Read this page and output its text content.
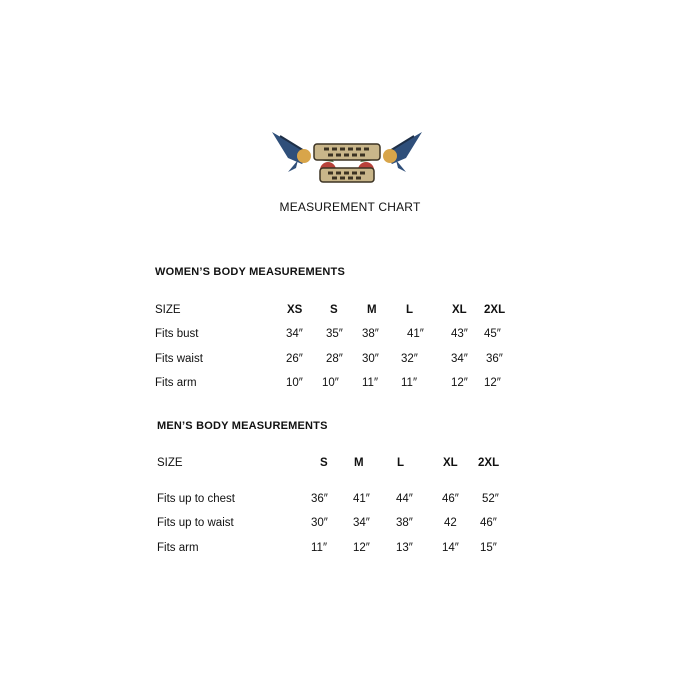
MEASUREMENT CHART
WOMEN’S BODY MEASUREMENTS
SIZE	XS S	M	L	XL 2XL
Fits bust	34″ 35″ 38″ 41″ 43″ 45″
Fits waist	26″ 28″ 30″ 32″	34″ 36″
Fits arm	10″ 10″ 11″ 11″	12″ 12″
MEN’S BODY MEASUREMENTS
SIZE	S M	L	XL 2XL
Fits up to chest	36″ 41″ 44″	46″ 52″
Fits up to waist	30″ 34″ 38″	42 46″
Fits arm	11″ 12″ 13″	14″ 15″
